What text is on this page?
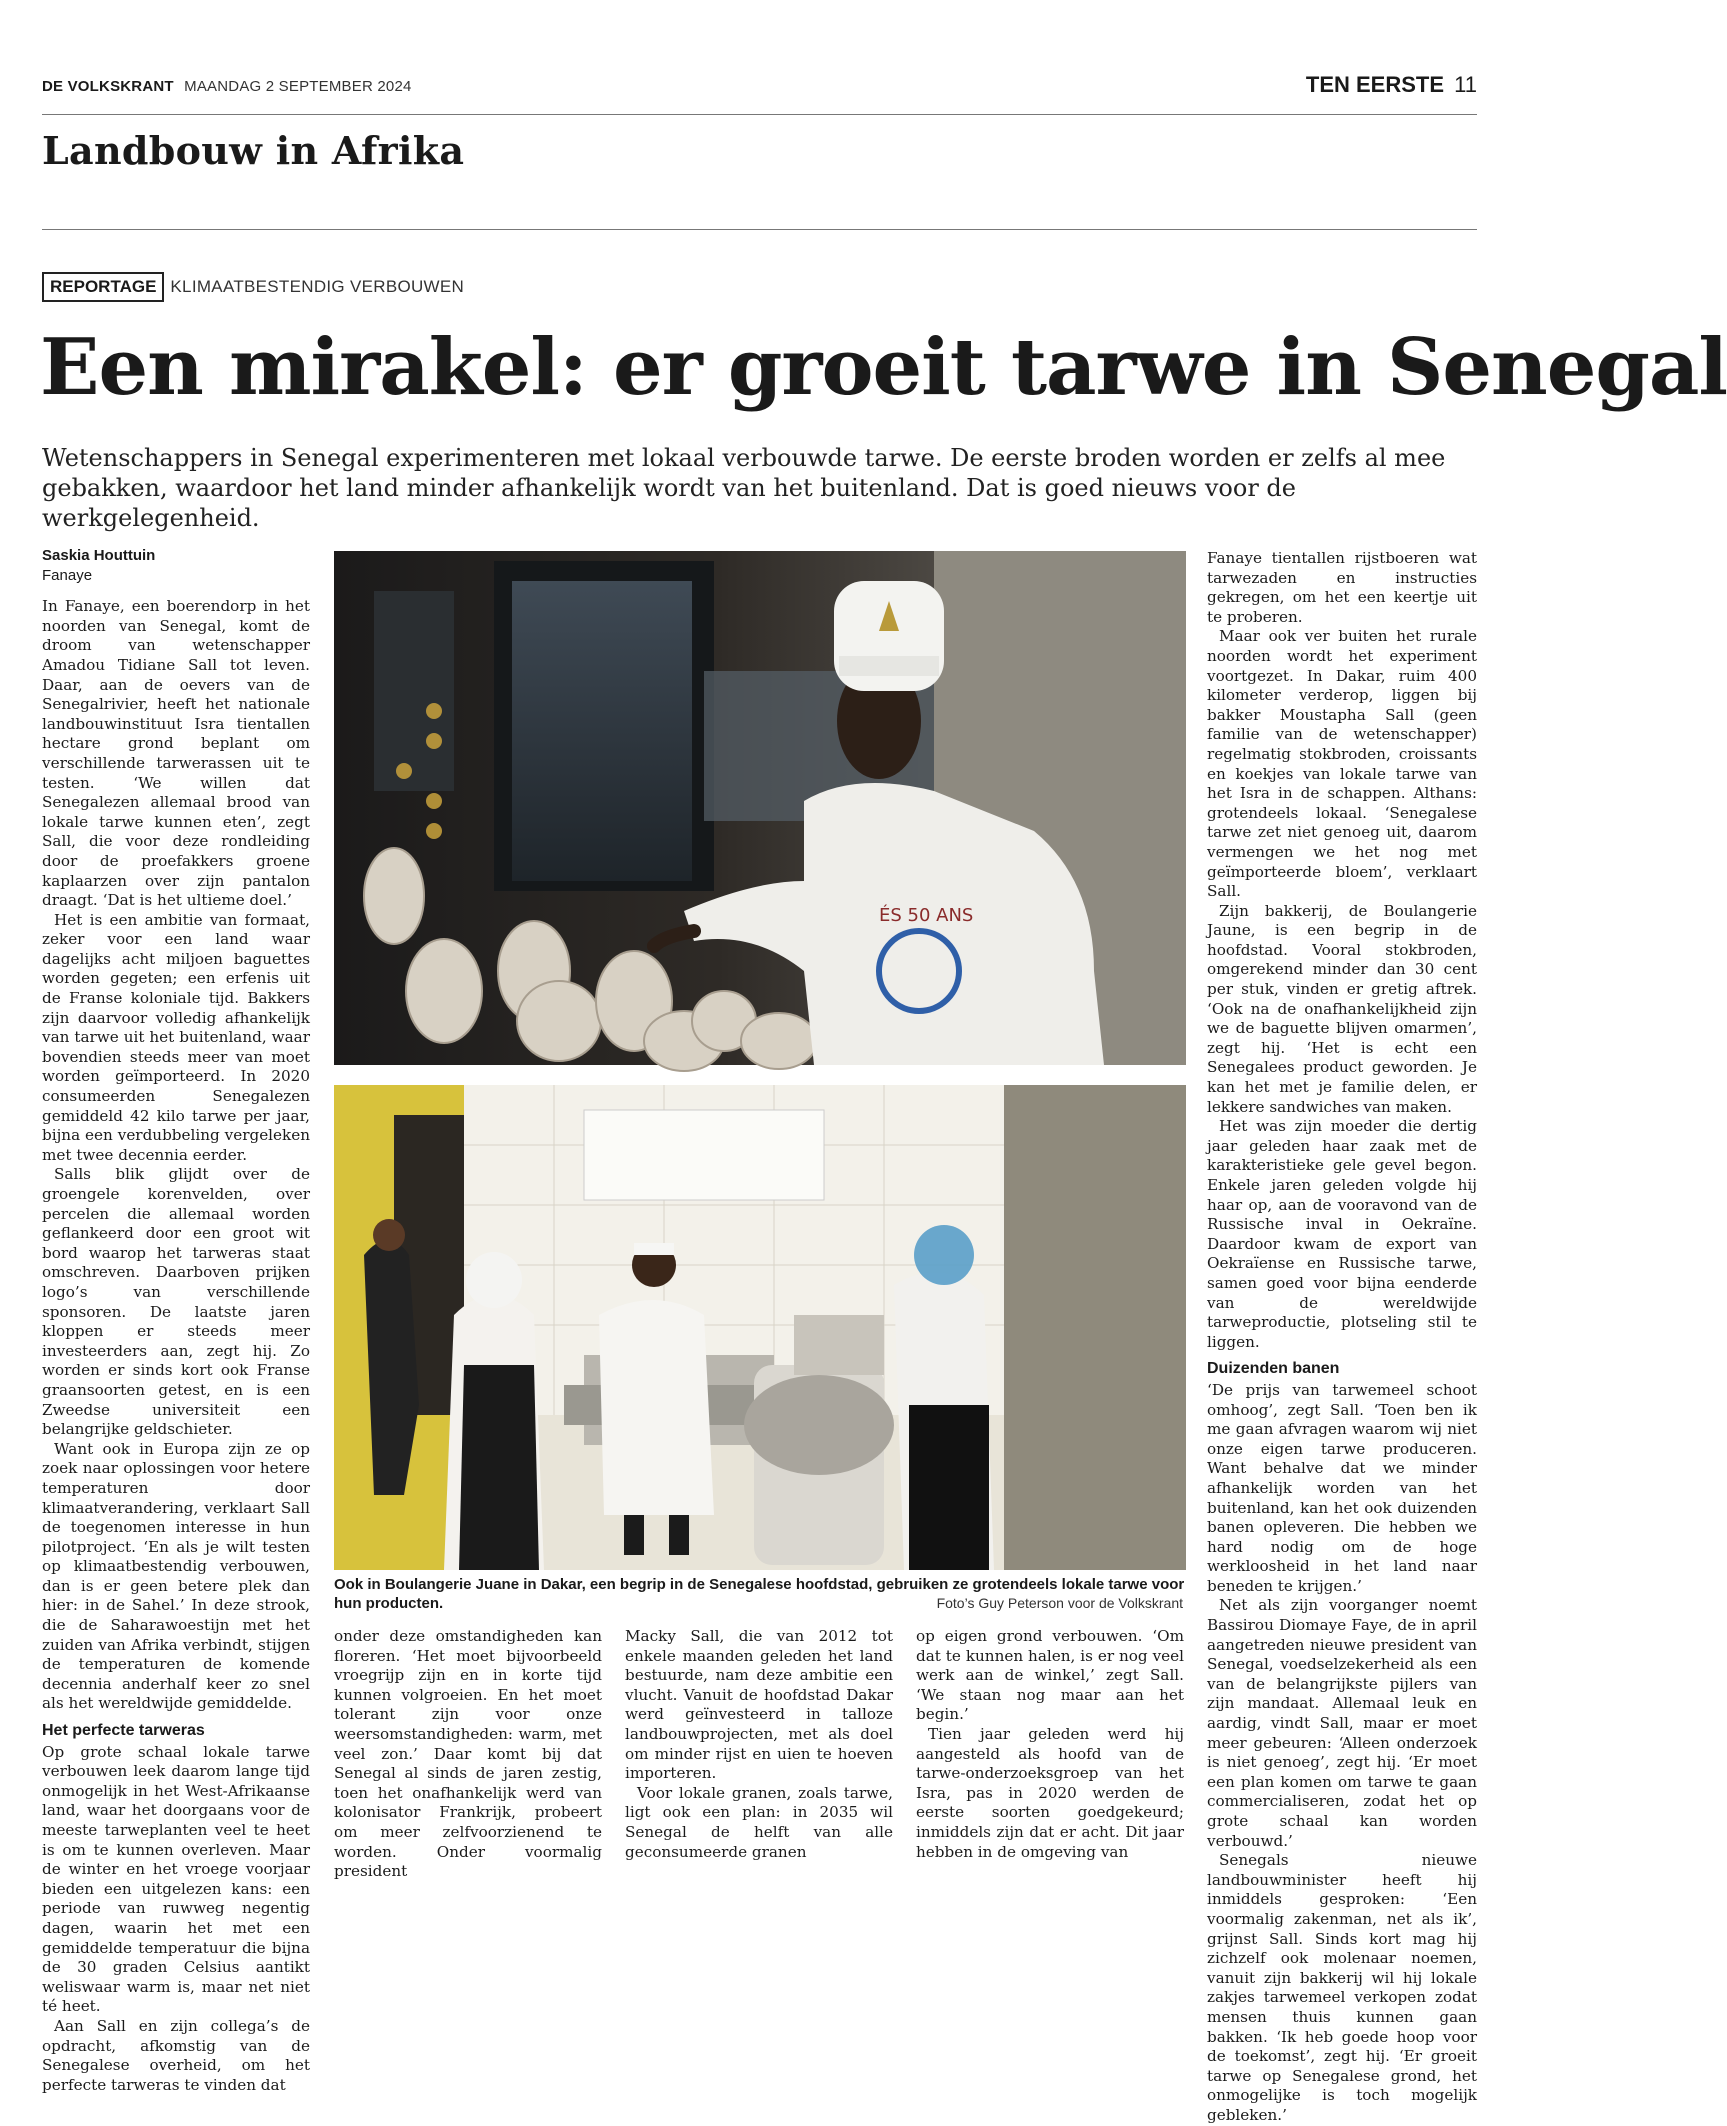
DE VOLKSKRANT MAANDAG 2 SEPTEMBER 2024	TEN EERSTE 11
Landbouw in Afrika
REPORTAGE KLIMAATBESTENDIG VERBOUWEN
Een mirakel: er groeit tarwe in Senegal
Wetenschappers in Senegal experimenteren met lokaal verbouwde tarwe. De eerste broden worden er zelfs al mee gebakken, waardoor het land minder afhankelijk wordt van het buitenland. Dat is goed nieuws voor de werkgelegenheid.
Saskia Houttuin
Fanaye

In Fanaye, een boerendorp in het noorden van Senegal, komt de droom van wetenschapper Amadou Tidiane Sall tot leven. Daar, aan de oevers van de Senegalrivier, heeft het nationale landbouwinstituut Isra tientallen hectare grond beplant om verschillende tarwerassen uit te testen. ‘We willen dat Senegalezen allemaal brood van lokale tarwe kunnen eten’, zegt Sall, die voor deze rondleiding door de proefakkers groene kaplaarzen over zijn pantalon draagt. ‘Dat is het ultieme doel.’

Het is een ambitie van formaat, zeker voor een land waar dagelijks acht miljoen baguettes worden gegeten; een erfenis uit de Franse koloniale tijd. Bakkers zijn daarvoor volledig afhankelijk van tarwe uit het buitenland, waar bovendien steeds meer van moet worden geïmporteerd. In 2020 consumeerden Senegalezen gemiddeld 42 kilo tarwe per jaar, bijna een verdubbeling vergeleken met twee decennia eerder.

Salls blik glijdt over de groengele korenvelden, over percelen die allemaal worden geflankeerd door een groot wit bord waarop het tarweras staat omschreven. Daarboven prijken logo’s van verschillende sponsoren. De laatste jaren kloppen er steeds meer investeerders aan, zegt hij. Zo worden er sinds kort ook Franse graansoorten getest, en is een Zweedse universiteit een belangrijke geldschieter.

Want ook in Europa zijn ze op zoek naar oplossingen voor hetere temperaturen door klimaatverandering, verklaart Sall de toegenomen interesse in hun pilotproject. ‘En als je wilt testen op klimaatbestendig verbouwen, dan is er geen betere plek dan hier: in de Sahel.’ In deze strook, die de Saharawoestijn met het zuiden van Afrika verbindt, stijgen de temperaturen de komende decennia anderhalf keer zo snel als het wereldwijde gemiddelde.

Het perfecte tarweras

Op grote schaal lokale tarwe verbouwen leek daarom lange tijd onmogelijk in het West-Afrikaanse land, waar het doorgaans voor de meeste tarweplanten veel te heet is om te kunnen overleven. Maar de winter en het vroege voorjaar bieden een uitgelezen kans: een periode van ruwweg negentig dagen, waarin het met een gemiddelde temperatuur die bijna de 30 graden Celsius aantikt weliswaar warm is, maar net niet té heet.

Aan Sall en zijn collega’s de opdracht, afkomstig van de Senegalese overheid, om het perfecte tarweras te vinden dat

ÉS 50 ANS
Ook in Boulangerie Juane in Dakar, een begrip in de Senegalese hoofdstad, gebruiken ze grotendeels lokale tarwe voor hun producten.	Foto’s Guy Peterson voor de Volkskrant

onder deze omstandigheden kan floreren. ‘Het moet bijvoorbeeld vroegrijp zijn en in korte tijd kunnen volgroeien. En het moet tolerant zijn voor onze weersomstandigheden: warm, met veel zon.’ Daar komt bij dat Senegal al sinds de jaren zestig, toen het onafhankelijk werd van kolonisator Frankrijk, probeert om meer zelfvoorzienend te worden. Onder voormalig president

Macky Sall, die van 2012 tot enkele maanden geleden het land bestuurde, nam deze ambitie een vlucht. Vanuit de hoofdstad Dakar werd geïnvesteerd in talloze landbouwprojecten, met als doel om minder rijst en uien te hoeven importeren.

Voor lokale granen, zoals tarwe, ligt ook een plan: in 2035 wil Senegal de helft van alle geconsumeerde granen

op eigen grond verbouwen. ‘Om dat te kunnen halen, is er nog veel werk aan de winkel,’ zegt Sall. ‘We staan nog maar aan het begin.’

Tien jaar geleden werd hij aangesteld als hoofd van de tarwe-onderzoeksgroep van het Isra, pas in 2020 werden de eerste soorten goedgekeurd; inmiddels zijn dat er acht. Dit jaar hebben in de omgeving van

Fanaye tientallen rijstboeren wat tarwezaden en instructies gekregen, om het een keertje uit te proberen.

Maar ook ver buiten het rurale noorden wordt het experiment voortgezet. In Dakar, ruim 400 kilometer verderop, liggen bij bakker Moustapha Sall (geen familie van de wetenschapper) regelmatig stokbroden, croissants en koekjes van lokale tarwe van het Isra in de schappen. Althans: grotendeels lokaal. ‘Senegalese tarwe zet niet genoeg uit, daarom vermengen we het nog met geïmporteerde bloem’, verklaart Sall.

Zijn bakkerij, de Boulangerie Jaune, is een begrip in de hoofdstad. Vooral stokbroden, omgerekend minder dan 30 cent per stuk, vinden er gretig aftrek. ‘Ook na de onafhankelijkheid zijn we de baguette blijven omarmen’, zegt hij. ‘Het is echt een Senegalees product geworden. Je kan het met je familie delen, er lekkere sandwiches van maken.

Het was zijn moeder die dertig jaar geleden haar zaak met de karakteristieke gele gevel begon. Enkele jaren geleden volgde hij haar op, aan de vooravond van de Russische inval in Oekraïne. Daardoor kwam de export van Oekraïense en Russische tarwe, samen goed voor bijna eenderde van de wereldwijde tarweproductie, plotseling stil te liggen.

Duizenden banen

‘De prijs van tarwemeel schoot omhoog’, zegt Sall. ‘Toen ben ik me gaan afvragen waarom wij niet onze eigen tarwe produceren. Want behalve dat we minder afhankelijk worden van het buitenland, kan het ook duizenden banen opleveren. Die hebben we hard nodig om de hoge werkloosheid in het land naar beneden te krijgen.’

Net als zijn voorganger noemt Bassirou Diomaye Faye, de in april aangetreden nieuwe president van Senegal, voedselzekerheid als een van de belangrijkste pijlers van zijn mandaat. Allemaal leuk en aardig, vindt Sall, maar er moet meer gebeuren: ‘Alleen onderzoek is niet genoeg’, zegt hij. ‘Er moet een plan komen om tarwe te gaan commercialiseren, zodat het op grote schaal kan worden verbouwd.’

Senegals nieuwe landbouwminister heeft hij inmiddels gesproken: ‘Een voormalig zakenman, net als ik’, grijnst Sall. Sinds kort mag hij zichzelf ook molenaar noemen, vanuit zijn bakkerij wil hij lokale zakjes tarwemeel verkopen zodat mensen thuis kunnen gaan bakken. ‘Ik heb goede hoop voor de toekomst’, zegt hij. ‘Er groeit tarwe op Senegalese grond, het onmogelijke is toch mogelijk gebleken.’
